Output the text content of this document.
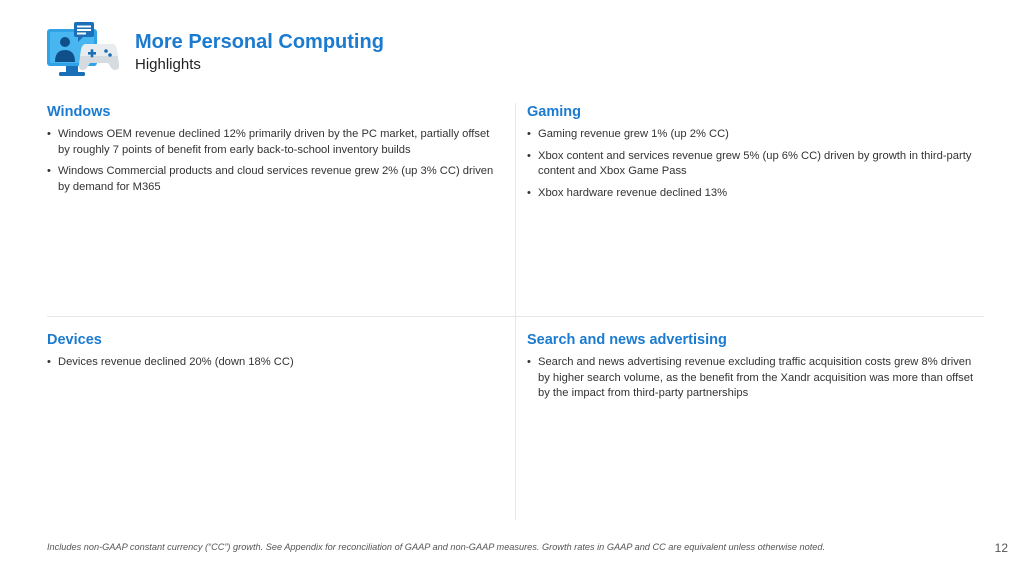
More Personal Computing
Highlights
Windows
• Windows OEM revenue declined 12% primarily driven by the PC market, partially offset by roughly 7 points of benefit from early back-to-school inventory builds
• Windows Commercial products and cloud services revenue grew 2% (up 3% CC) driven by demand for M365
Gaming
• Gaming revenue grew 1% (up 2% CC)
• Xbox content and services revenue grew 5% (up 6% CC) driven by growth in third-party content and Xbox Game Pass
• Xbox hardware revenue declined 13%
Devices
• Devices revenue declined 20% (down 18% CC)
Search and news advertising
• Search and news advertising revenue excluding traffic acquisition costs grew 8% driven by higher search volume, as the benefit from the Xandr acquisition was more than offset by the impact from third-party partnerships
Includes non-GAAP constant currency (“CC”) growth. See Appendix for reconciliation of GAAP and non-GAAP measures. Growth rates in GAAP and CC are equivalent unless otherwise noted.	12
